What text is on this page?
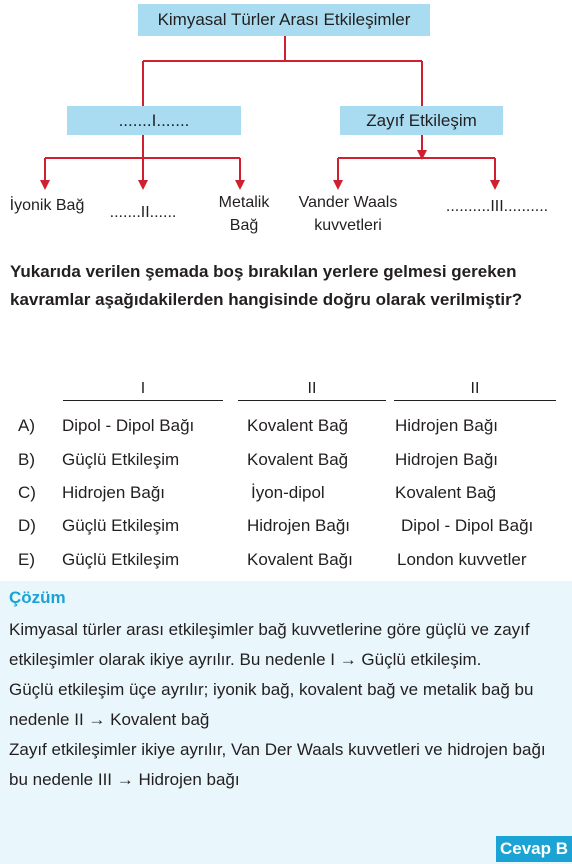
Kimyasal Türler Arası Etkileşimler
.......I.......	Zayıf Etkileşim
İyonik Bağ	.......II......
Metalik
Bağ
Vander Waals
kuvvetleri
..........III..........
Yukarıda verilen şemada boş bırakılan yerlere gelmesi gereken kavramlar aşağıdakilerden hangisinde doğru olarak verilmiştir?
I	II	II
A) Dipol - Dipol Bağı	Kovalent Bağ	Hidrojen Bağı
B) Güçlü Etkileşim	Kovalent Bağ	Hidrojen Bağı
C) Hidrojen Bağı	İyon-dipol	Kovalent Bağ
D) Güçlü Etkileşim	Hidrojen Bağı	Dipol - Dipol Bağı
E) Güçlü Etkileşim	Kovalent Bağı	London kuvvetler
Çözüm

Kimyasal türler arası etkileşimler bağ kuvvetlerine göre güçlü ve zayıf etkileşimler olarak ikiye ayrılır. Bu nedenle I → Güçlü etkileşim.

Güçlü etkileşim üçe ayrılır; iyonik bağ, kovalent bağ ve metalik bağ bu nedenle II → Kovalent bağ

Zayıf etkileşimler ikiye ayrılır, Van Der Waals kuvvetleri ve hidrojen bağı bu nedenle III → Hidrojen bağı

Cevap B
